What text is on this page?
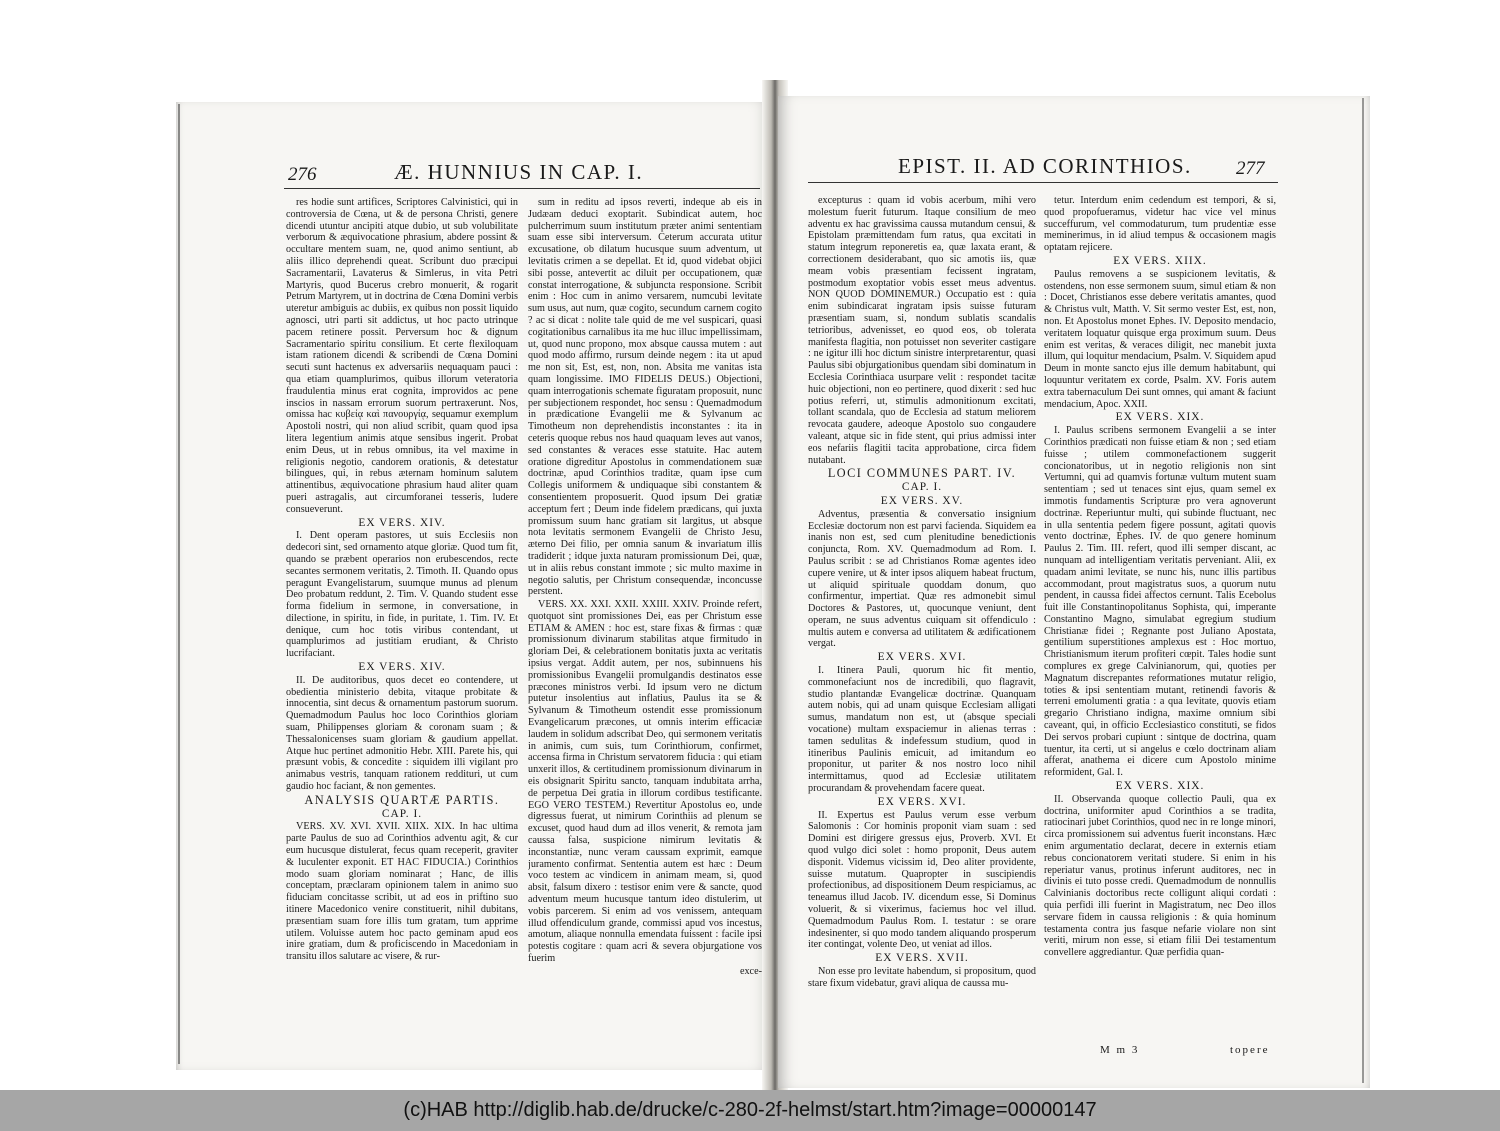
276	Æ. HUNNIUS IN CAP. I.

res hodie sunt artifices, Scriptores Calvinistici, qui in controversia de Cœna, ut & de persona Christi, genere dicendi utuntur ancipiti atque dubio, ut sub volubilitate verborum & æquivocatione phrasium, abdere possint & occultare mentem suam, ne, quod animo sentiunt, ab aliis illico deprehendi queat. Scribunt duo præcipui Sacramentarii, Lavaterus & Simlerus, in vita Petri Martyris, quod Bucerus crebro monuerit, & rogarit Petrum Martyrem, ut in doctrina de Cœna Domini verbis uteretur ambiguis ac dubiis, ex quibus non possit liquido agnosci, utri parti sit addictus, ut hoc pacto utrinque pacem retinere possit. Perversum hoc & dignum Sacramentario spiritu consilium. Et certe flexiloquam istam rationem dicendi & scribendi de Cœna Domini secuti sunt hactenus ex adversariis nequaquam pauci : qua etiam quamplurimos, quibus illorum veteratoria fraudulentia minus erat cognita, improvidos ac pene inscios in nassam errorum suorum pertraxerunt. Nos, omissa hac κυβείᾳ καὶ πανουργίᾳ, sequamur exemplum Apostoli nostri, qui non aliud scribit, quam quod ipsa litera legentium animis atque sensibus ingerit. Probat enim Deus, ut in rebus omnibus, ita vel maxime in religionis negotio, candorem orationis, & detestatur bilingues, qui, in rebus æternam hominum salutem attinentibus, æquivocatione phrasium haud aliter quam pueri astragalis, aut circumforanei tesseris, ludere consueverunt.

EX VERS. XIV.

I. Dent operam pastores, ut suis Ecclesiis non dedecori sint, sed ornamento atque gloriæ. Quod tum fit, quando se præbent operarios non erubescendos, recte secantes sermonem veritatis, 2. Timoth. II. Quando opus peragunt Evangelistarum, suumque munus ad plenum Deo probatum reddunt, 2. Tim. V. Quando student esse forma fidelium in sermone, in conversatione, in dilectione, in spiritu, in fide, in puritate, 1. Tim. IV. Et denique, cum hoc totis viribus contendant, ut quamplurimos ad justitiam erudiant, & Christo lucrifaciant.

EX VERS. XIV.

II. De auditoribus, quos decet eo contendere, ut obedientia ministerio debita, vitaque probitate & innocentia, sint decus & ornamentum pastorum suorum. Quemadmodum Paulus hoc loco Corinthios gloriam suam, Philippenses gloriam & coronam suam ; & Thessalonicenses suam gloriam & gaudium appellat. Atque huc pertinet admonitio Hebr. XIII. Parete his, qui præsunt vobis, & concedite : siquidem illi vigilant pro animabus vestris, tanquam rationem reddituri, ut cum gaudio hoc faciant, & non gementes.

ANALYSIS QUARTÆ PARTIS.
CAP. I.

VERS. XV. XVI. XVII. XIIX. XIX. In hac ultima parte Paulus de suo ad Corinthios adventu agit, & cur eum hucusque distulerat, fecus quam receperit, graviter & luculenter exponit. ET HAC FIDUCIA.) Corinthios modo suam gloriam nominarat ; Hanc, de illis conceptam, præclaram opinionem talem in animo suo fiduciam concitasse scribit, ut ad eos in priftino suo itinere Macedonico venire constituerit, nihil dubitans, præsentiam suam fore illis tum gratam, tum apprime utilem. Voluisse autem hoc pacto geminam apud eos inire gratiam, dum & proficiscendo in Macedoniam in transitu illos salutare ac visere, & rur-

sum in reditu ad ipsos reverti, indeque ab eis in Judæam deduci exoptarit. Subindicat autem, hoc pulcherrimum suum institutum præter animi sententiam suam esse sibi interversum. Ceterum accurata utitur excusatione, ob dilatum hucusque suum adventum, ut levitatis crimen a se depellat. Et id, quod videbat objici sibi posse, antevertit ac diluit per occupationem, quæ constat interrogatione, & subjuncta responsione. Scribit enim : Hoc cum in animo versarem, numcubi levitate sum usus, aut num, quæ cogito, secundum carnem cogito ? ac si dicat : nolite tale quid de me vel suspicari, quasi cogitationibus carnalibus ita me huc illuc impellissimam, ut, quod nunc propono, mox absque caussa mutem : aut quod modo affirmo, rursum deinde negem : ita ut apud me non sit, Est, est, non, non. Absita me vanitas ista quam longissime. IMO FIDELIS DEUS.) Objectioni, quam interrogationis schemate figuratam proposuit, nunc per subjectionem respondet, hoc sensu : Quemadmodum in prædicatione Evangelii me & Sylvanum ac Timotheum non deprehendistis inconstantes : ita in ceteris quoque rebus nos haud quaquam leves aut vanos, sed constantes & veraces esse statuite. Hac autem oratione digreditur Apostolus in commendationem suæ doctrinæ, apud Corinthios traditæ, quam ipse cum Collegis uniformem & undiquaque sibi constantem & consentientem proposuerit. Quod ipsum Dei gratiæ acceptum fert ; Deum inde fidelem prædicans, qui juxta promissum suum hanc gratiam sit largitus, ut absque nota levitatis sermonem Evangelii de Christo Jesu, æterno Dei filio, per omnia sanum & invariatum illis tradiderit ; idque juxta naturam promissionum Dei, quæ, ut in aliis rebus constant immote ; sic multo maxime in negotio salutis, per Christum consequendæ, inconcusse perstent.

VERS. XX. XXI. XXII. XXIII. XXIV. Proinde refert, quotquot sint promissiones Dei, eas per Christum esse ETIAM & AMEN : hoc est, stare fixas & firmas : quæ promissionum divinarum stabilitas atque firmitudo in gloriam Dei, & celebrationem bonitatis juxta ac veritatis ipsius vergat. Addit autem, per nos, subinnuens his promissionibus Evangelii promulgandis destinatos esse præcones ministros verbi. Id ipsum vero ne dictum putetur insolentius aut inflatius, Paulus ita se & Sylvanum & Timotheum ostendit esse promissionum Evangelicarum præcones, ut omnis interim efficaciæ laudem in solidum adscribat Deo, qui sermonem veritatis in animis, cum suis, tum Corinthiorum, confirmet, accensa firma in Christum servatorem fiducia : qui etiam unxerit illos, & certitudinem promissionum divinarum in eis obsignarit Spiritu sancto, tanquam indubitata arrha, de perpetua Dei gratia in illorum cordibus testificante. EGO VERO TESTEM.) Revertitur Apostolus eo, unde digressus fuerat, ut nimirum Corinthiis ad plenum se excuset, quod haud dum ad illos venerit, & remota jam caussa falsa, suspicione nimirum levitatis & inconstantiæ, nunc veram caussam exprimit, eamque juramento confirmat. Sententia autem est hæc : Deum voco testem ac vindicem in animam meam, si, quod absit, falsum dixero : testisor enim vere & sancte, quod adventum meum hucusque tantum ideo distulerim, ut vobis parcerem. Si enim ad vos venissem, antequam illud offendiculum grande, commissi apud vos incestus, amotum, aliaque nonnulla emendata fuissent : facile ipsi potestis cogitare : quam acri & severa objurgatione vos fuerim

exce-
EPIST. II. AD CORINTHIOS. 277

excepturus : quam id vobis acerbum, mihi vero molestum fuerit futurum. Itaque consilium de meo adventu ex hac gravissima caussa mutandum censui, & Epistolam præmittendam fum ratus, qua excitati in statum integrum reponeretis ea, quæ laxata erant, & correctionem desiderabant, quo sic amotis iis, quæ meam vobis præsentiam fecissent ingratam, postmodum exoptatior vobis esset meus adventus. NON QUOD DOMINEMUR.) Occupatio est : quia enim subindicarat ingratam ipsis suisse futuram præsentiam suam, si, nondum sublatis scandalis tetrioribus, advenisset, eo quod eos, ob tolerata manifesta flagitia, non potuisset non severiter castigare : ne igitur illi hoc dictum sinistre interpretarentur, quasi Paulus sibi objurgationibus quendam sibi dominatum in Ecclesia Corinthiaca usurpare velit : respondet tacitæ huic objectioni, non eo pertinere, quod dixerit : sed huc potius referri, ut, stimulis admonitionum excitati, tollant scandala, quo de Ecclesia ad statum meliorem revocata gaudere, adeoque Apostolo suo congaudere valeant, atque sic in fide stent, qui prius admissi inter eos nefariis flagitii tacita approbatione, circa fidem nutabant.

LOCI COMMUNES PART. IV.
CAP. I.
EX VERS. XV.

Adventus, præsentia & conversatio insignium Ecclesiæ doctorum non est parvi facienda. Siquidem ea inanis non est, sed cum plenitudine benedictionis conjuncta, Rom. XV. Quemadmodum ad Rom. I. Paulus scribit : se ad Christianos Romæ agentes ideo cupere venire, ut & inter ipsos aliquem habeat fructum, ut aliquid spirituale quoddam donum, quo confirmentur, impertiat. Quæ res admonebit simul Doctores & Pastores, ut, quocunque veniunt, dent operam, ne suus adventus cuiquam sit offendiculo : multis autem e conversa ad utilitatem & ædificationem vergat.

EX VERS. XVI.

I. Itinera Pauli, quorum hic fit mentio, commonefaciunt nos de incredibili, quo flagravit, studio plantandæ Evangelicæ doctrinæ. Quanquam autem nobis, qui ad unam quisque Ecclesiam alligati sumus, mandatum non est, ut (absque speciali vocatione) multam exspaciemur in alienas terras : tamen sedulitas & indefessum studium, quod in itineribus Paulinis emicuit, ad imitandum eo proponitur, ut pariter & nos nostro loco nihil intermittamus, quod ad Ecclesiæ utilitatem procurandam & provehendam facere queat.

EX VERS. XVI.

II. Expertus est Paulus verum esse verbum Salomonis : Cor hominis proponit viam suam : sed Domini est dirigere gressus ejus, Proverb. XVI. Et quod vulgo dici solet : homo proponit, Deus autem disponit. Videmus vicissim id, Deo aliter providente, suisse mutatum. Quapropter in suscipiendis profectionibus, ad dispositionem Deum respiciamus, ac teneamus illud Jacob. IV. dicendum esse, Si Dominus voluerit, & si vixerimus, faciemus hoc vel illud. Quemadmodum Paulus Rom. I. testatur : se orare indesinenter, si quo modo tandem aliquando prosperum iter contingat, volente Deo, ut veniat ad illos.

EX VERS. XVII.

Non esse pro levitate habendum, si propositum, quod stare fixum videbatur, gravi aliqua de caussa mu-

tetur. Interdum enim cedendum est tempori, & si, quod propofueramus, videtur hac vice vel minus succeffurum, vel commodaturum, tum prudentiæ esse meminerimus, in id aliud tempus & occasionem magis optatam rejicere.

EX VERS. XIIX.

Paulus removens a se suspicionem levitatis, & ostendens, non esse sermonem suum, simul etiam & non : Docet, Christianos esse debere veritatis amantes, quod & Christus vult, Matth. V. Sit sermo vester Est, est, non, non. Et Apostolus monet Ephes. IV. Deposito mendacio, veritatem loquatur quisque erga proximum suum. Deus enim est veritas, & veraces diligit, nec manebit juxta illum, qui loquitur mendacium, Psalm. V. Siquidem apud Deum in monte sancto ejus ille demum habitabunt, qui loquuntur veritatem ex corde, Psalm. XV. Foris autem extra tabernaculum Dei sunt omnes, qui amant & faciunt mendacium, Apoc. XXII.

EX VERS. XIX.

I. Paulus scribens sermonem Evangelii a se inter Corinthios prædicati non fuisse etiam & non ; sed etiam fuisse ; utilem commonefactionem suggerit concionatoribus, ut in negotio religionis non sint Vertumni, qui ad quamvis fortunæ vultum mutent suam sententiam ; sed ut tenaces sint ejus, quam semel ex immotis fundamentis Scripturæ pro vera agnoverunt doctrinæ. Reperiuntur multi, qui subinde fluctuant, nec in ulla sententia pedem figere possunt, agitati quovis vento doctrinæ, Ephes. IV. de quo genere hominum Paulus 2. Tim. III. refert, quod illi semper discant, ac nunquam ad intelligentiam veritatis perveniant. Alii, ex quadam animi levitate, se nunc his, nunc illis partibus accommodant, prout magistratus suos, a quorum nutu pendent, in caussa fidei affectos cernunt. Talis Ecebolus fuit ille Constantinopolitanus Sophista, qui, imperante Constantino Magno, simulabat egregium studium Christianæ fidei ; Regnante post Juliano Apostata, gentilium superstitiones amplexus est : Hoc mortuo, Christianismum iterum profiteri cœpit. Tales hodie sunt complures ex grege Calvinianorum, qui, quoties per Magnatum discrepantes reformationes mutatur religio, toties & ipsi sententiam mutant, retinendi favoris & terreni emolumenti gratia : a qua levitate, quovis etiam gregario Christiano indigna, maxime omnium sibi caveant, qui, in officio Ecclesiastico constituti, se fidos Dei servos probari cupiunt : sintque de doctrina, quam tuentur, ita certi, ut si angelus e cœlo doctrinam aliam afferat, anathema ei dicere cum Apostolo minime reformident, Gal. I.

EX VERS. XIX.

II. Observanda quoque collectio Pauli, qua ex doctrina, uniformiter apud Corinthios a se tradita, ratiocinari jubet Corinthios, quod nec in re longe minori, circa promissionem sui adventus fuerit inconstans. Hæc enim argumentatio declarat, decere in externis etiam rebus concionatorem veritati studere. Si enim in his reperiatur vanus, protinus inferunt auditores, nec in divinis ei tuto posse credi. Quemadmodum de nonnullis Calvinianis doctoribus recte colligunt aliqui cordati : quia perfidi illi fuerint in Magistratum, nec Deo illos servare fidem in caussa religionis : & quia hominum testamenta contra jus fasque nefarie violare non sint veriti, mirum non esse, si etiam filii Dei testamentum convellere aggrediantur. Quæ perfidia quan-

M m 3	topere
(c)HAB http://diglib.hab.de/drucke/c-280-2f-helmst/start.htm?image=00000147
